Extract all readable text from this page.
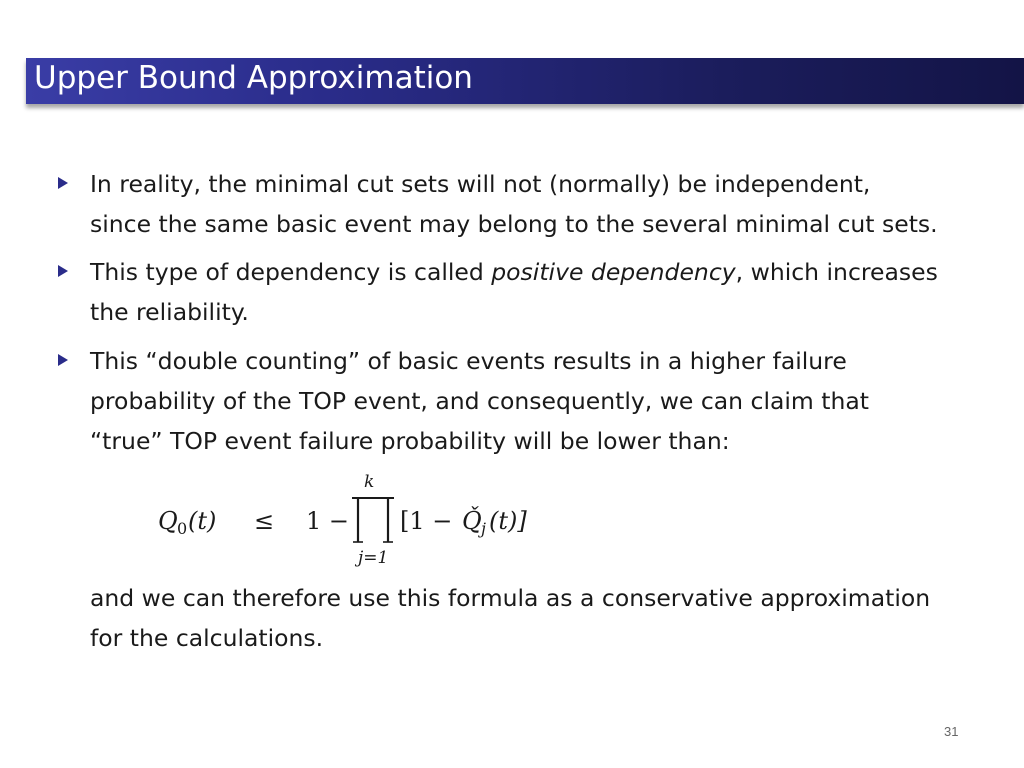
Upper Bound Approximation
In reality, the minimal cut sets will not (normally) be independent,
since the same basic event may belong to the several minimal cut sets.
This type of dependency is called positive dependency, which increases
the reliability.
This “double counting” of basic events results in a higher failure
probability of the TOP event, and consequently, we can claim that
“true” TOP event failure probability will be lower than:
Q 0 (t) ≤ 1 −
k
j=1
[1 − Q̌ j (t)]
and we can therefore use this formula as a conservative approximation
for the calculations.
31
